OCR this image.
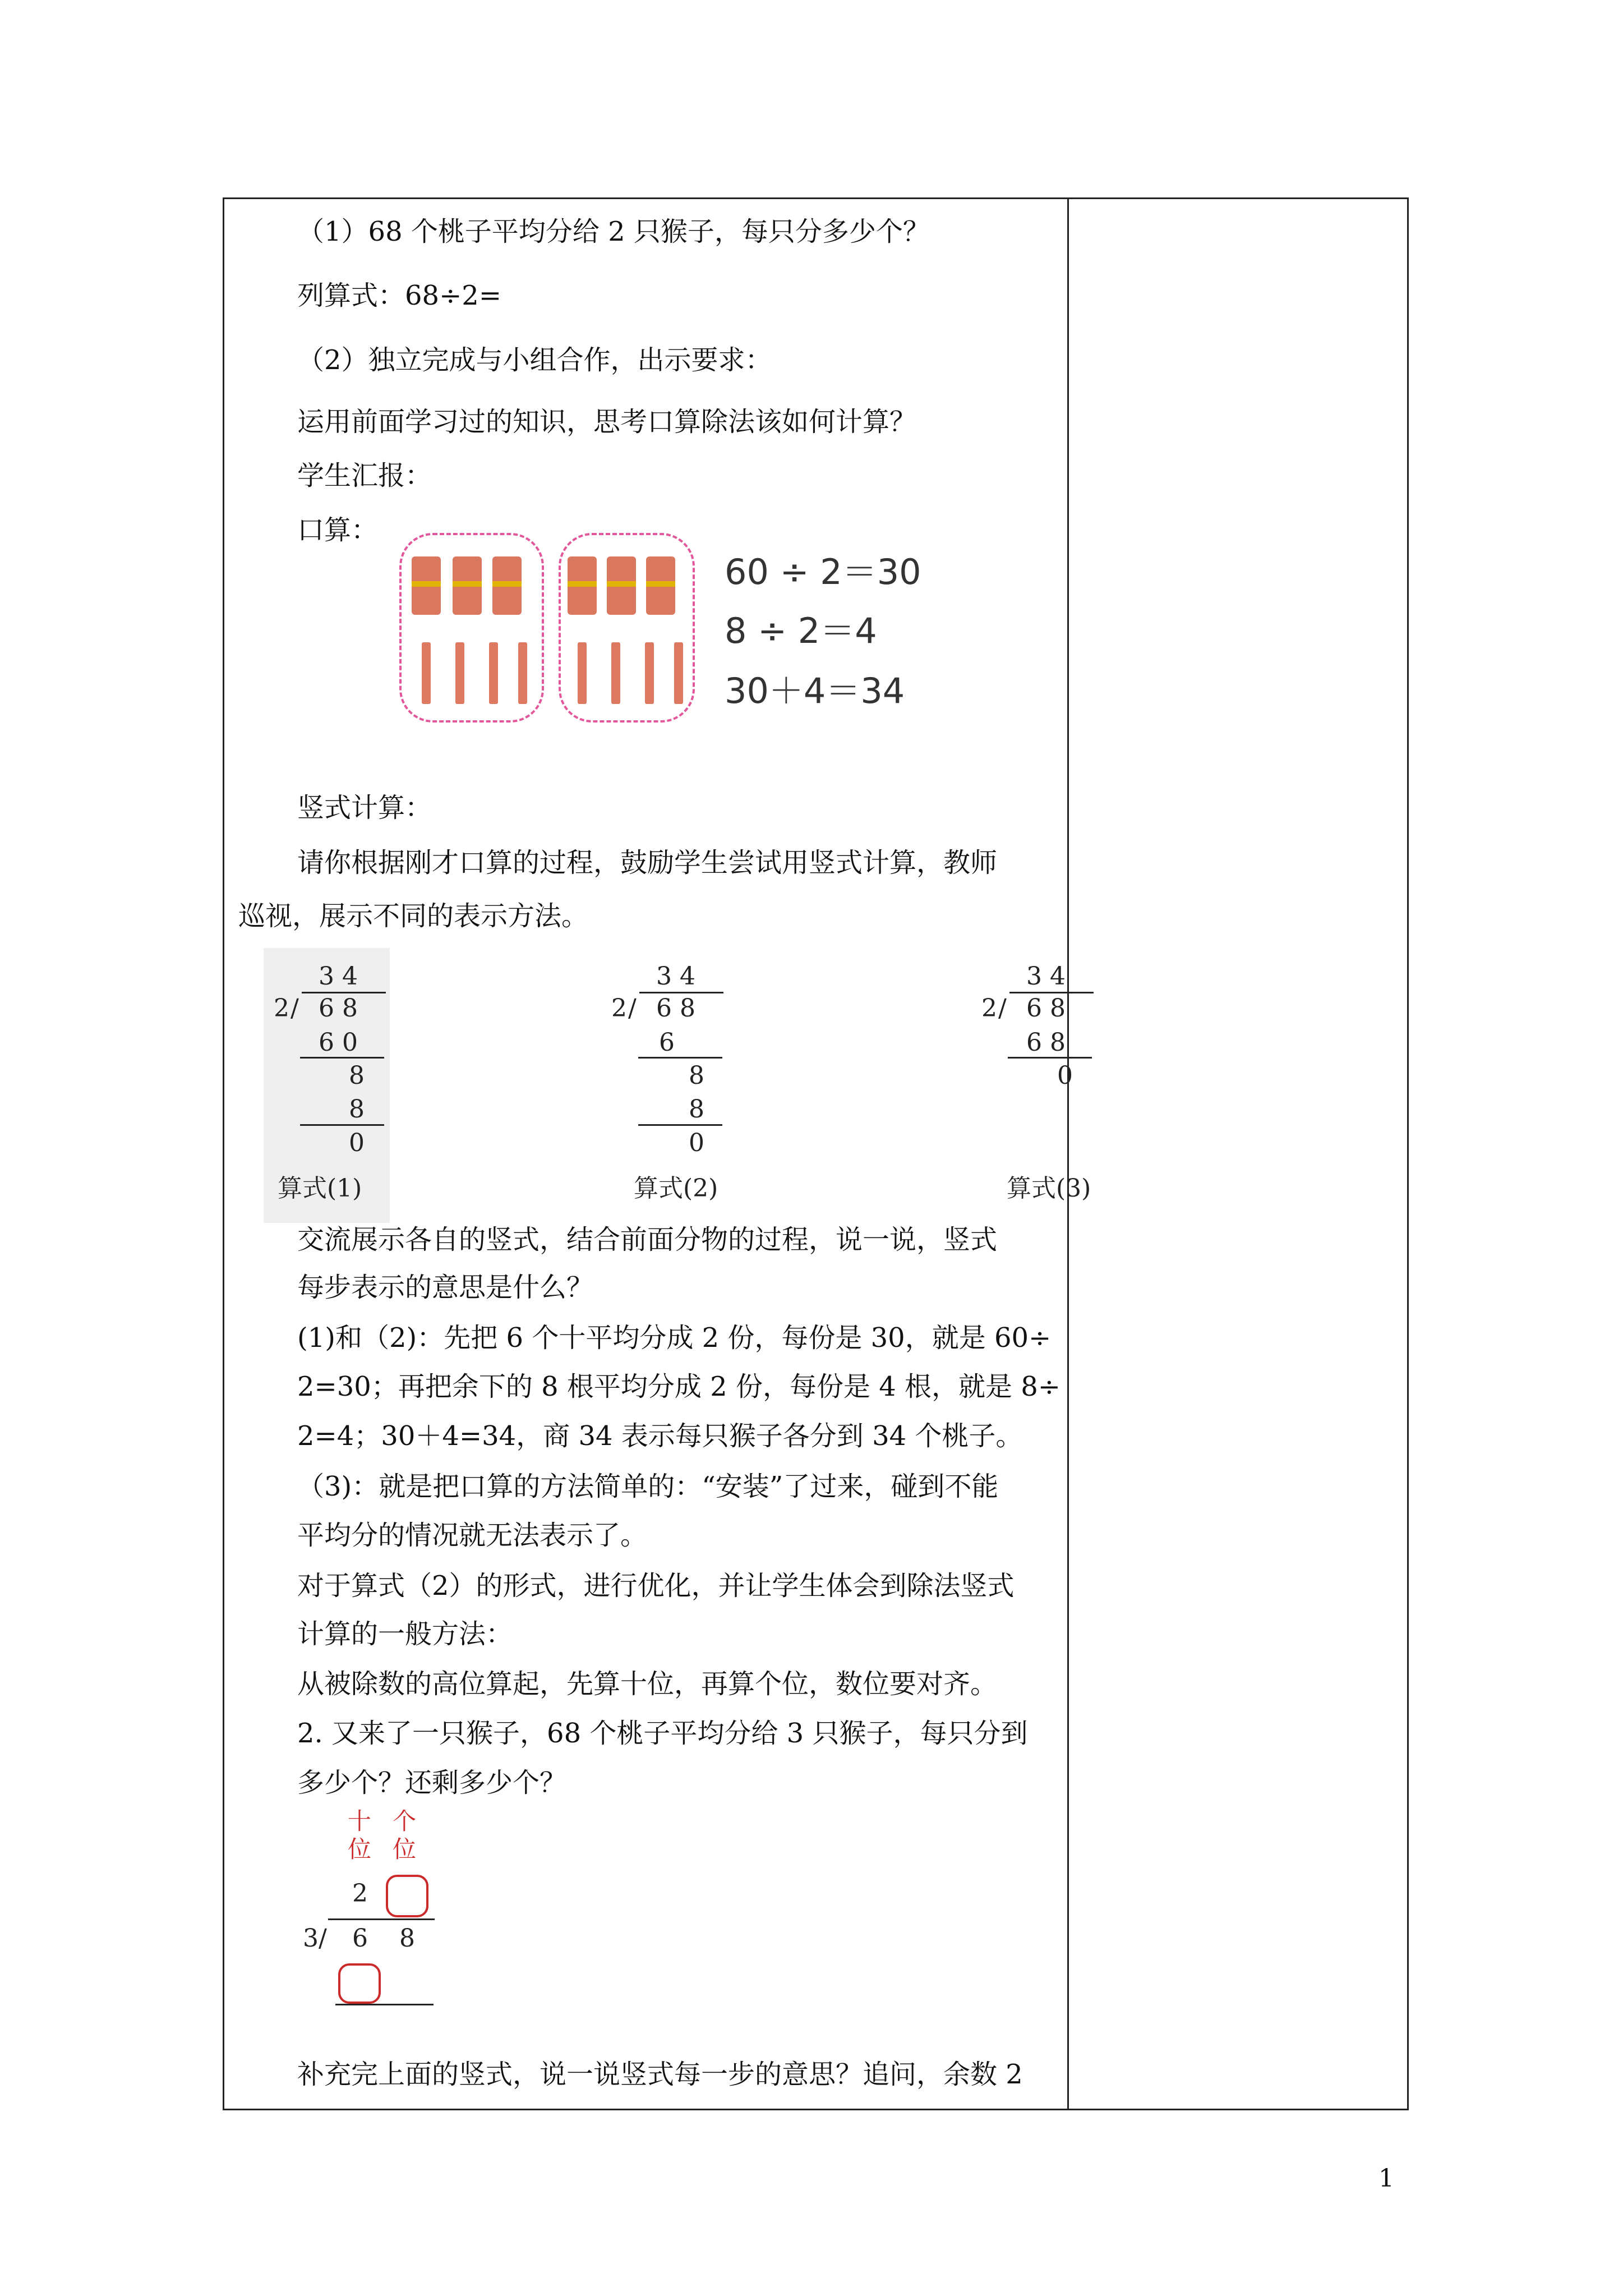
（1）68 个桃子平均分给 2 只猴子，每只分多少个？
列算式：68÷2=
（2）独立完成与小组合作，出示要求：
运用前面学习过的知识，思考口算除法该如何计算？
学生汇报：
口算：
60 ÷ 2＝30
8 ÷ 2＝4
30＋4＝34
竖式计算：
请你根据刚才口算的过程，鼓励学生尝试用竖式计算，教师
巡视，展示不同的表示方法。
3 4
2 / 6 8
6 0
8
8
0
算式(1)
3 4
2 / 6 8
6
8
8
0
算式(2)
3 4
2 / 6 8
6 8
0
算式(3)
交流展示各自的竖式，结合前面分物的过程，说一说，竖式
每步表示的意思是什么？
(1)和（2)：先把 6 个十平均分成 2 份，每份是 30，就是 60÷
2=30；再把余下的 8 根平均分成 2 份，每份是 4 根，就是 8÷
2=4；30＋4=34，商 34 表示每只猴子各分到 34 个桃子。
（3)：就是把口算的方法简单的：“安装”了过来，碰到不能
平均分的情况就无法表示了。
对于算式（2）的形式，进行优化，并让学生体会到除法竖式
计算的一般方法：
从被除数的高位算起，先算十位，再算个位，数位要对齐。
2. 又来了一只猴子，68 个桃子平均分给 3 只猴子，每只分到
多少个？还剩多少个？
十
位
个
位
2
3 / 6 8
补充完上面的竖式，说一说竖式每一步的意思？追问，余数 2
1
